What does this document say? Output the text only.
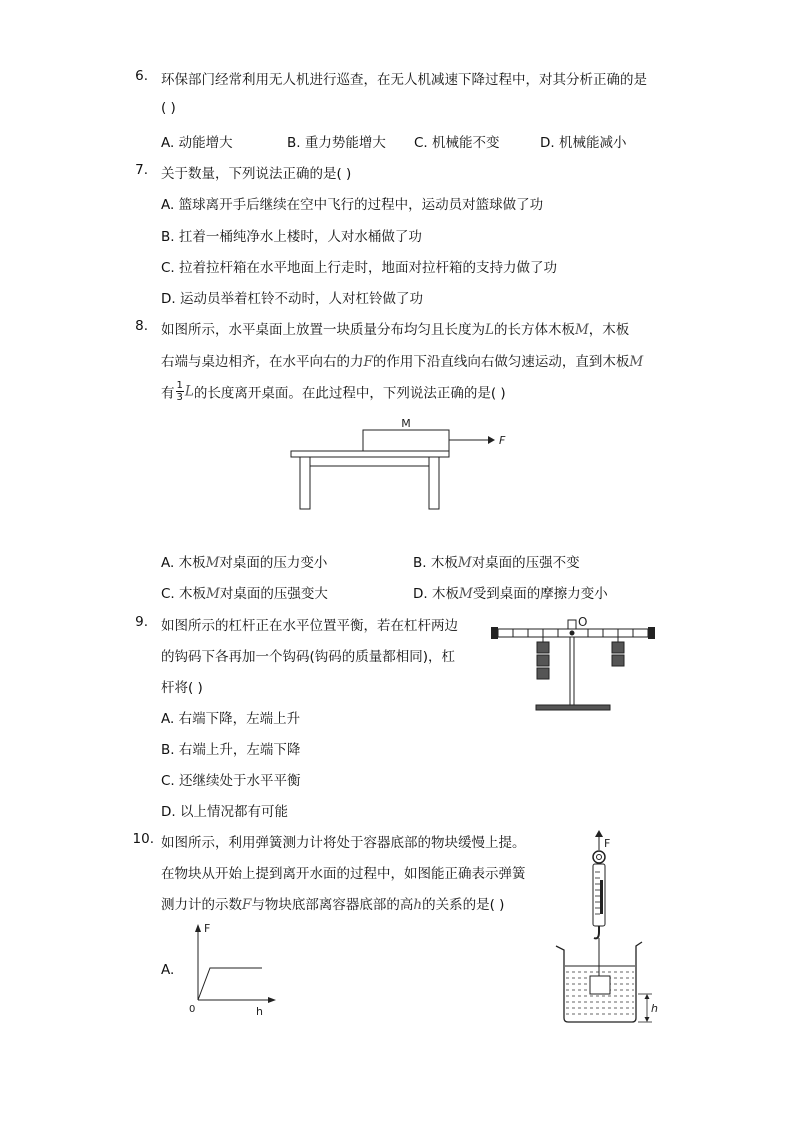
6. 环保部门经常利用无人机进行巡查，在无人机减速下降过程中，对其分析正确的是
( )
A. 动能增大	B. 重力势能增大 C. 机械能不变	D. 机械能减小
7. 关于数量，下列说法正确的是( )
A. 篮球离开手后继续在空中飞行的过程中，运动员对篮球做了功
B. 扛着一桶纯净水上楼时，人对水桶做了功
C. 拉着拉杆箱在水平地面上行走时，地面对拉杆箱的支持力做了功
D. 运动员举着杠铃不动时，人对杠铃做了功
8. 如图所示，水平桌面上放置一块质量分布均匀且长度为L的长方体木板M，木板
右端与桌边相齐，在水平向右的力F的作用下沿直线向右做匀速运动，直到木板M
有 $\frac{1}{3}$ L的长度离开桌面。在此过程中，下列说法正确的是( )
M
F
A. 木板M对桌面的压力变小	B. 木板M对桌面的压强不变
C. 木板M对桌面的压强变大	D. 木板M受到桌面的摩擦力变小
9. 如图所示的杠杆正在水平位置平衡，若在杠杆两边
的钩码下各再加一个钩码(钩码的质量都相同)，杠
杆将( )
O
A. 右端下降，左端上升
B. 右端上升，左端下降
C. 还继续处于水平平衡
D. 以上情况都有可能
10. 如图所示，利用弹簧测力计将处于容器底部的物块缓慢上提。
在物块从开始上提到离开水面的过程中，如图能正确表示弹簧
测力计的示数F与物块底部离容器底部的高h的关系的是( )
F
h
A.
F
h
0
